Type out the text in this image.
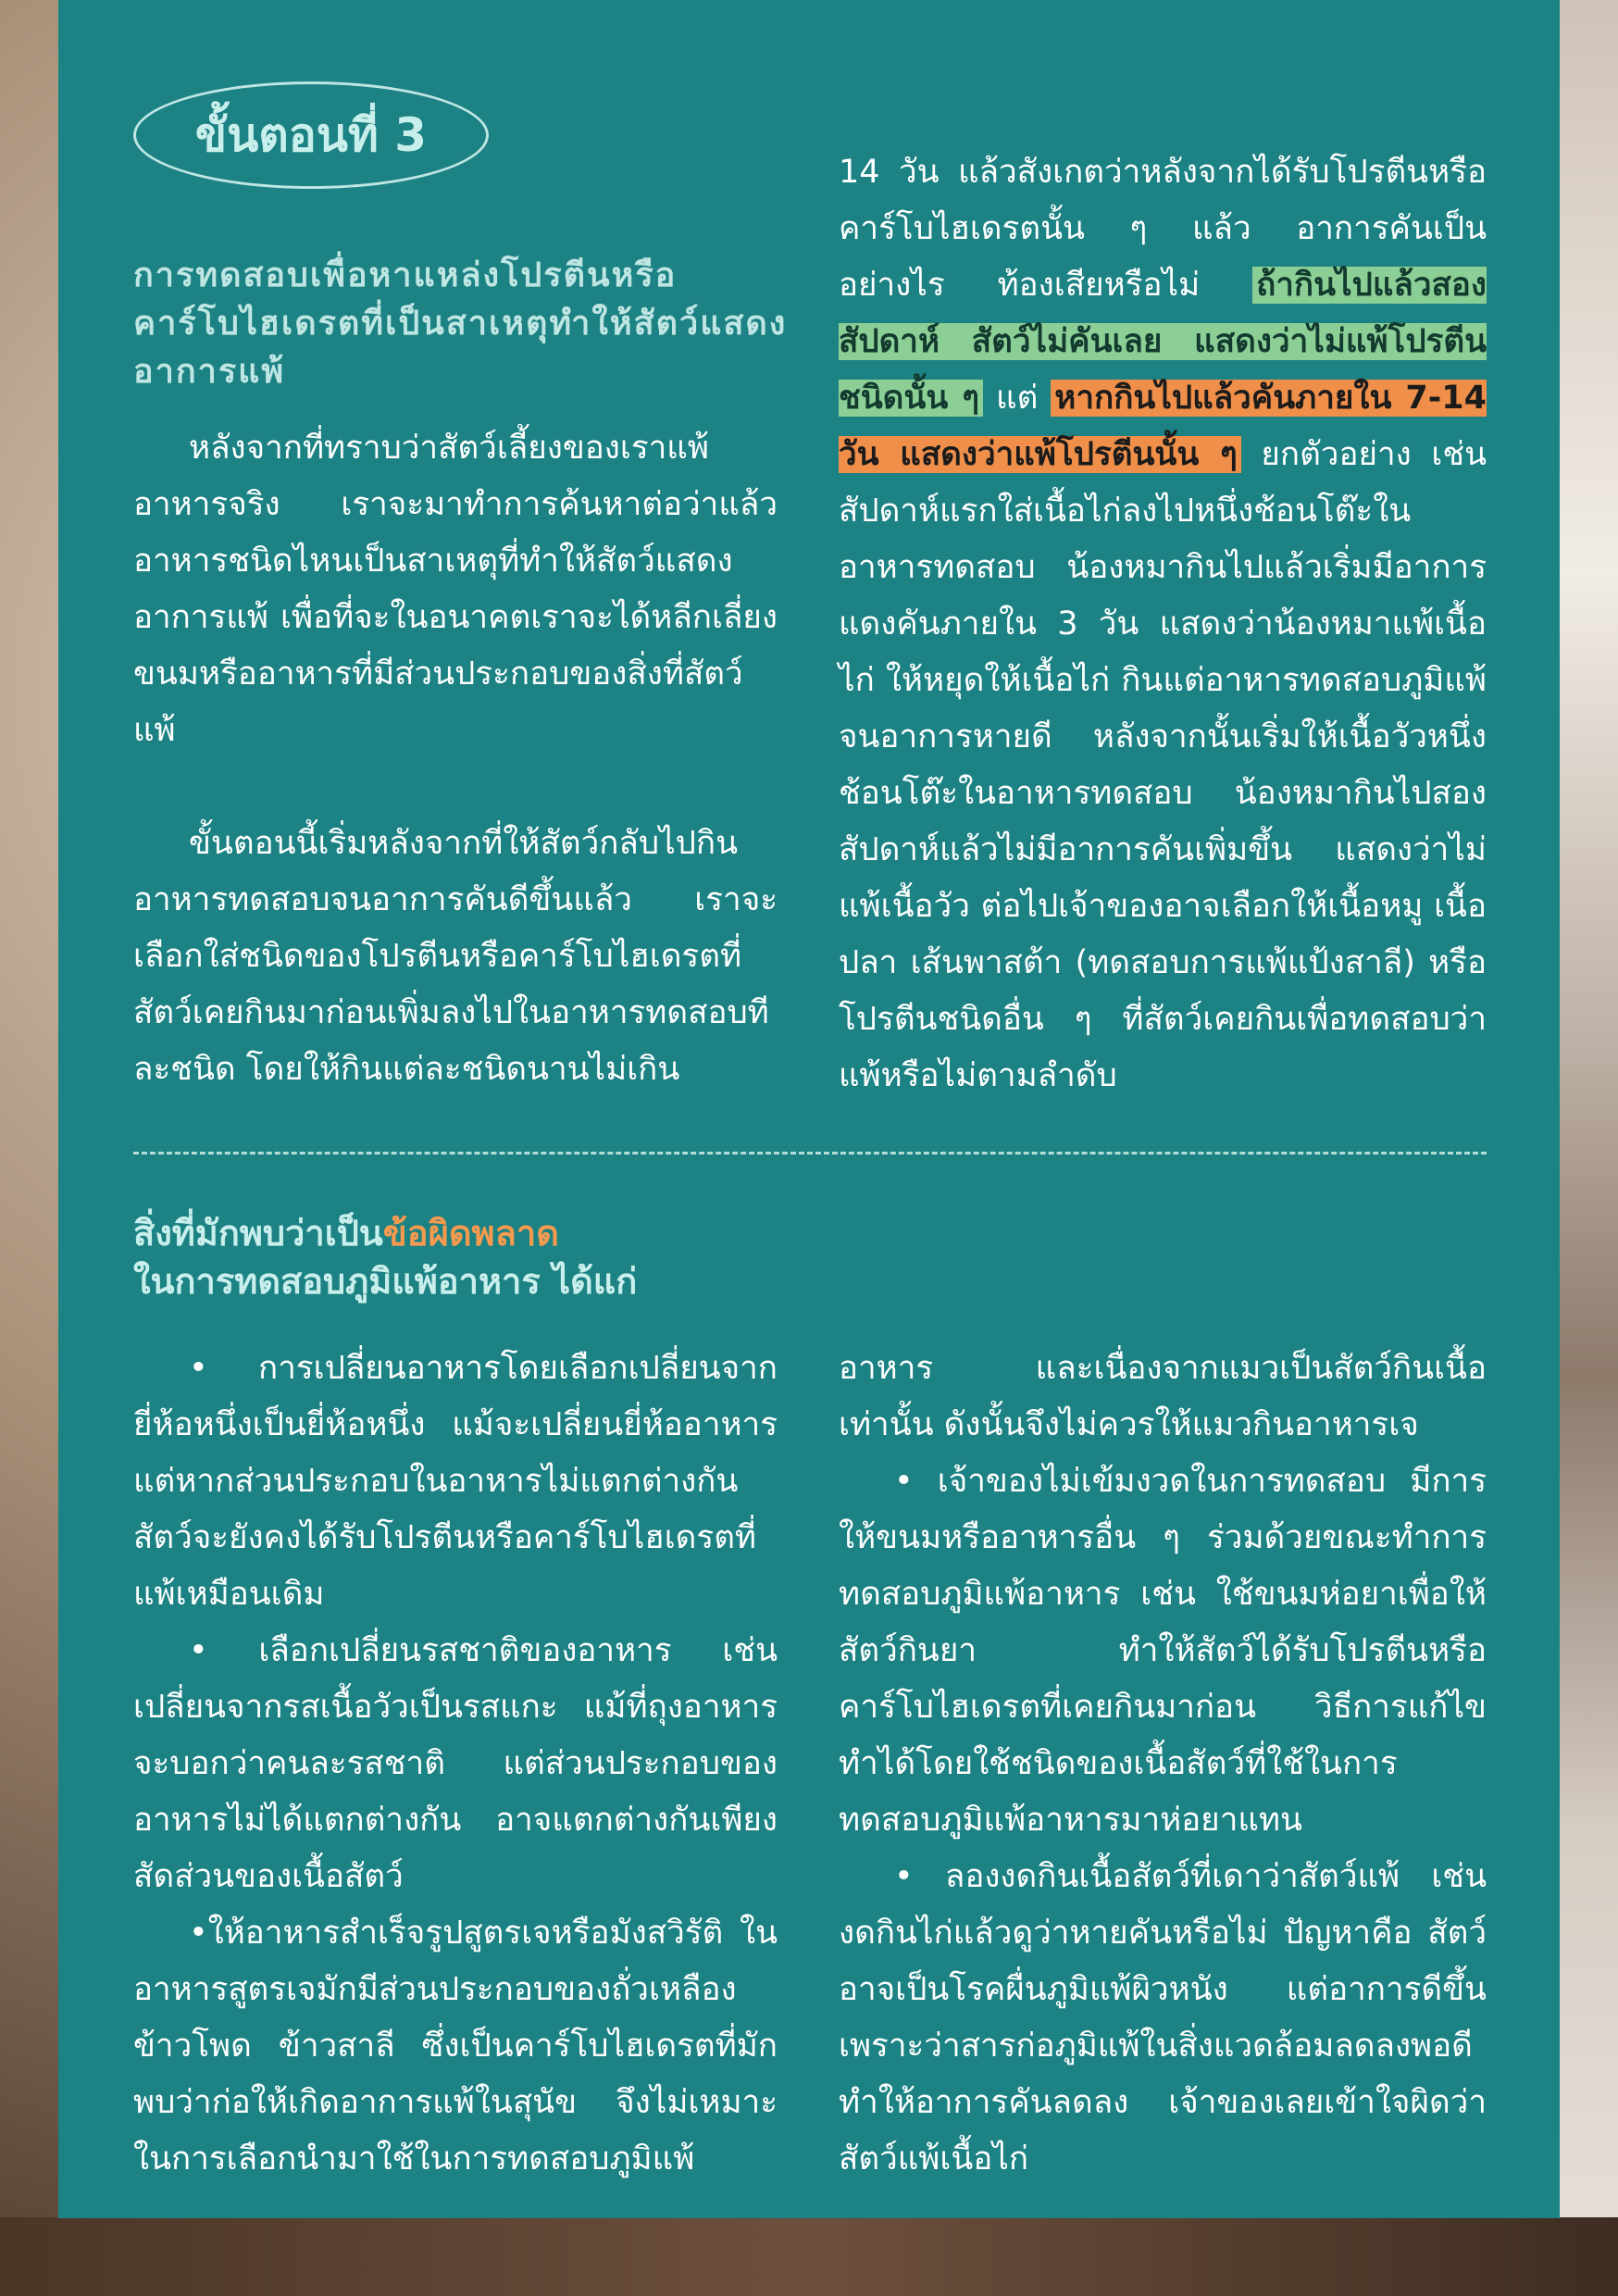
ขั้นตอนที่ 3
การทดสอบเพื่อหาแหล่งโปรตีนหรือคาร์โบไฮเดรตที่เป็นสาเหตุทำให้สัตว์แสดงอาการแพ้

หลังจากที่ทราบว่าสัตว์เลี้ยงของเราแพ้อาหารจริง เราจะมาทำการค้นหาต่อว่าแล้วอาหารชนิดไหนเป็นสาเหตุที่ทำให้สัตว์แสดงอาการแพ้ เพื่อที่จะในอนาคตเราจะได้หลีกเลี่ยงขนมหรืออาหารที่มีส่วนประกอบของสิ่งที่สัตว์แพ้

ขั้นตอนนี้เริ่มหลังจากที่ให้สัตว์กลับไปกินอาหารทดสอบจนอาการคันดีขึ้นแล้ว เราจะเลือกใส่ชนิดของโปรตีนหรือคาร์โบไฮเดรตที่สัตว์เคยกินมาก่อนเพิ่มลงไปในอาหารทดสอบทีละชนิด โดยให้กินแต่ละชนิดนานไม่เกิน

14 วัน แล้วสังเกตว่าหลังจากได้รับโปรตีนหรือคาร์โบไฮเดรตนั้น ๆ แล้ว อาการคันเป็นอย่างไร ท้องเสียหรือไม่ ถ้ากินไปแล้วสองสัปดาห์ สัตว์ไม่คันเลย แสดงว่าไม่แพ้โปรตีนชนิดนั้น ๆ แต่ หากกินไปแล้วคันภายใน 7-14 วัน แสดงว่าแพ้โปรตีนนั้น ๆ ยกตัวอย่าง เช่น สัปดาห์แรกใส่เนื้อไก่ลงไปหนึ่งช้อนโต๊ะในอาหารทดสอบ น้องหมากินไปแล้วเริ่มมีอาการแดงคันภายใน 3 วัน แสดงว่าน้องหมาแพ้เนื้อไก่ ให้หยุดให้เนื้อไก่ กินแต่อาหารทดสอบภูมิแพ้จนอาการหายดี หลังจากนั้นเริ่มให้เนื้อวัวหนึ่งช้อนโต๊ะในอาหารทดสอบ น้องหมากินไปสองสัปดาห์แล้วไม่มีอาการคันเพิ่มขึ้น แสดงว่าไม่แพ้เนื้อวัว ต่อไปเจ้าของอาจเลือกให้เนื้อหมู เนื้อปลา เส้นพาสต้า (ทดสอบการแพ้แป้งสาลี) หรือโปรตีนชนิดอื่น ๆ ที่สัตว์เคยกินเพื่อทดสอบว่าแพ้หรือไม่ตามลำดับ

สิ่งที่มักพบว่าเป็นข้อผิดพลาด
ในการทดสอบภูมิแพ้อาหาร ได้แก่

• การเปลี่ยนอาหารโดยเลือกเปลี่ยนจากยี่ห้อหนึ่งเป็นยี่ห้อหนึ่ง แม้จะเปลี่ยนยี่ห้ออาหาร แต่หากส่วนประกอบในอาหารไม่แตกต่างกัน สัตว์จะยังคงได้รับโปรตีนหรือคาร์โบไฮเดรตที่แพ้เหมือนเดิม

• เลือกเปลี่ยนรสชาติของอาหาร เช่น เปลี่ยนจากรสเนื้อวัวเป็นรสแกะ แม้ที่ถุงอาหารจะบอกว่าคนละรสชาติ แต่ส่วนประกอบของอาหารไม่ได้แตกต่างกัน อาจแตกต่างกันเพียงสัดส่วนของเนื้อสัตว์

•ให้อาหารสำเร็จรูปสูตรเจหรือมังสวิรัติ ในอาหารสูตรเจมักมีส่วนประกอบของถั่วเหลือง ข้าวโพด ข้าวสาลี ซึ่งเป็นคาร์โบไฮเดรตที่มักพบว่าก่อให้เกิดอาการแพ้ในสุนัข จึงไม่เหมาะในการเลือกนำมาใช้ในการทดสอบภูมิแพ้

อาหาร และเนื่องจากแมวเป็นสัตว์กินเนื้อเท่านั้น ดังนั้นจึงไม่ควรให้แมวกินอาหารเจ

• เจ้าของไม่เข้มงวดในการทดสอบ มีการให้ขนมหรืออาหารอื่น ๆ ร่วมด้วยขณะทำการทดสอบภูมิแพ้อาหาร เช่น ใช้ขนมห่อยาเพื่อให้สัตว์กินยา ทำให้สัตว์ได้รับโปรตีนหรือคาร์โบไฮเดรตที่เคยกินมาก่อน วิธีการแก้ไขทำได้โดยใช้ชนิดของเนื้อสัตว์ที่ใช้ในการทดสอบภูมิแพ้อาหารมาห่อยาแทน

• ลองงดกินเนื้อสัตว์ที่เดาว่าสัตว์แพ้ เช่น งดกินไก่แล้วดูว่าหายคันหรือไม่ ปัญหาคือ สัตว์อาจเป็นโรคผื่นภูมิแพ้ผิวหนัง แต่อาการดีขึ้นเพราะว่าสารก่อภูมิแพ้ในสิ่งแวดล้อมลดลงพอดี ทำให้อาการคันลดลง เจ้าของเลยเข้าใจผิดว่าสัตว์แพ้เนื้อไก่
